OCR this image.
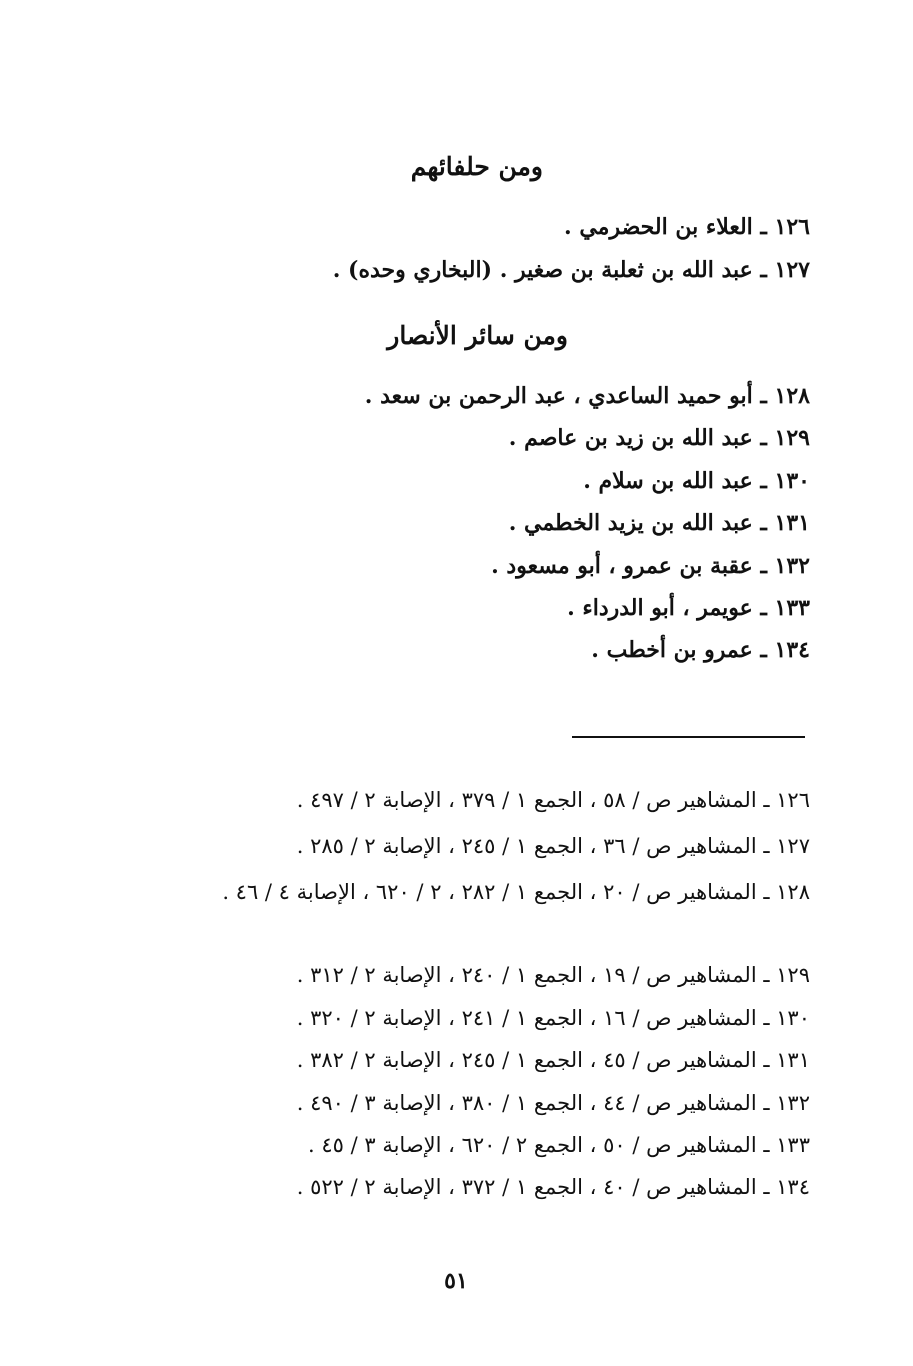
ومن حلفائهم
١٢٦ ـ العلاء بن الحضرمي .
١٢٧ ـ عبد الله بن ثعلبة بن صغير . (البخاري وحده) .
ومن سائر الأنصار
١٢٨ ـ أبو حميد الساعدي ، عبد الرحمن بن سعد .
١٢٩ ـ عبد الله بن زيد بن عاصم .
١٣٠ ـ عبد الله بن سلام .
١٣١ ـ عبد الله بن يزيد الخطمي .
١٣٢ ـ عقبة بن عمرو ، أبو مسعود .
١٣٣ ـ عويمر ، أبو الدرداء .
١٣٤ ـ عمرو بن أخطب .
١٢٦ ـ المشاهير ص / ٥٨ ، الجمع ١ / ٣٧٩ ، الإصابة ٢ / ٤٩٧ .
١٢٧ ـ المشاهير ص / ٣٦ ، الجمع ١ / ٢٤٥ ، الإصابة ٢ / ٢٨٥ .
١٢٨ ـ المشاهير ص / ٢٠ ، الجمع ١ / ٢٨٢ ، ٢ / ٦٢٠ ، الإصابة ٤ / ٤٦ .
١٢٩ ـ المشاهير ص / ١٩ ، الجمع ١ / ٢٤٠ ، الإصابة ٢ / ٣١٢ .
١٣٠ ـ المشاهير ص / ١٦ ، الجمع ١ / ٢٤١ ، الإصابة ٢ / ٣٢٠ .
١٣١ ـ المشاهير ص / ٤٥ ، الجمع ١ / ٢٤٥ ، الإصابة ٢ / ٣٨٢ .
١٣٢ ـ المشاهير ص / ٤٤ ، الجمع ١ / ٣٨٠ ، الإصابة ٣ / ٤٩٠ .
١٣٣ ـ المشاهير ص / ٥٠ ، الجمع ٢ / ٦٢٠ ، الإصابة ٣ / ٤٥ .
١٣٤ ـ المشاهير ص / ٤٠ ، الجمع ١ / ٣٧٢ ، الإصابة ٢ / ٥٢٢ .
٥١
